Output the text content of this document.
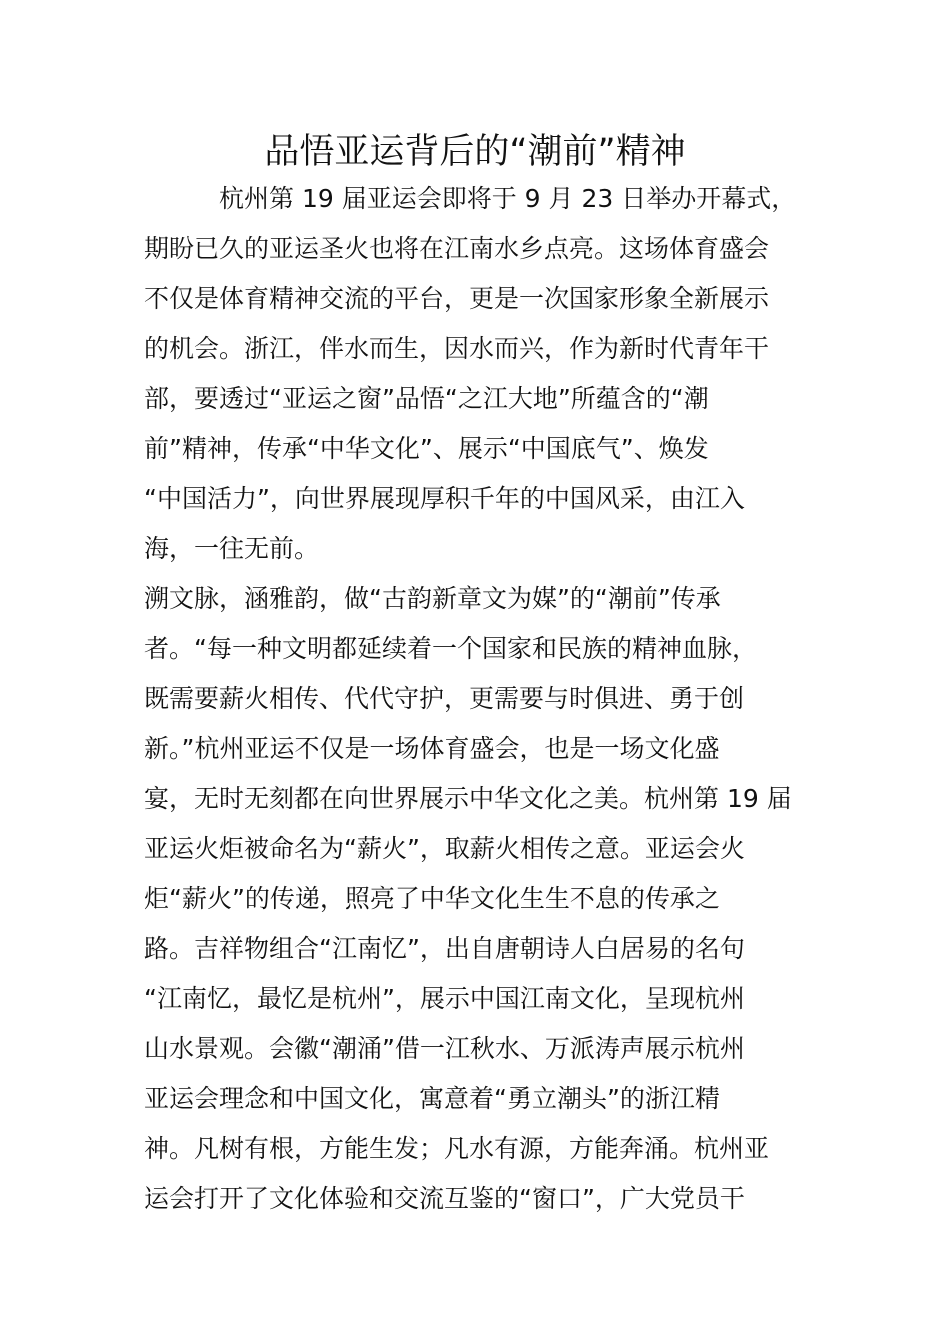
品悟亚运背后的“潮前”精神
　　　杭州第 19 届亚运会即将于 9 月 23 日举办开幕式，
期盼已久的亚运圣火也将在江南水乡点亮。这场体育盛会
不仅是体育精神交流的平台，更是一次国家形象全新展示
的机会。浙江，伴水而生，因水而兴，作为新时代青年干
部，要透过“亚运之窗”品悟“之江大地”所蕴含的“潮
前”精神，传承“中华文化”、展示“中国底气”、焕发
“中国活力”，向世界展现厚积千年的中国风采，由江入
海，一往无前。
溯文脉，涵雅韵，做“古韵新章文为媒”的“潮前”传承
者。“每一种文明都延续着一个国家和民族的精神血脉，
既需要薪火相传、代代守护，更需要与时俱进、勇于创
新。”杭州亚运不仅是一场体育盛会，也是一场文化盛
宴，无时无刻都在向世界展示中华文化之美。杭州第 19 届
亚运火炬被命名为“薪火”，取薪火相传之意。亚运会火
炬“薪火”的传递，照亮了中华文化生生不息的传承之
路。吉祥物组合“江南忆”，出自唐朝诗人白居易的名句
“江南忆，最忆是杭州”，展示中国江南文化，呈现杭州
山水景观。会徽“潮涌”借一江秋水、万派涛声展示杭州
亚运会理念和中国文化，寓意着“勇立潮头”的浙江精
神。凡树有根，方能生发；凡水有源，方能奔涌。杭州亚
运会打开了文化体验和交流互鉴的“窗口”，广大党员干
